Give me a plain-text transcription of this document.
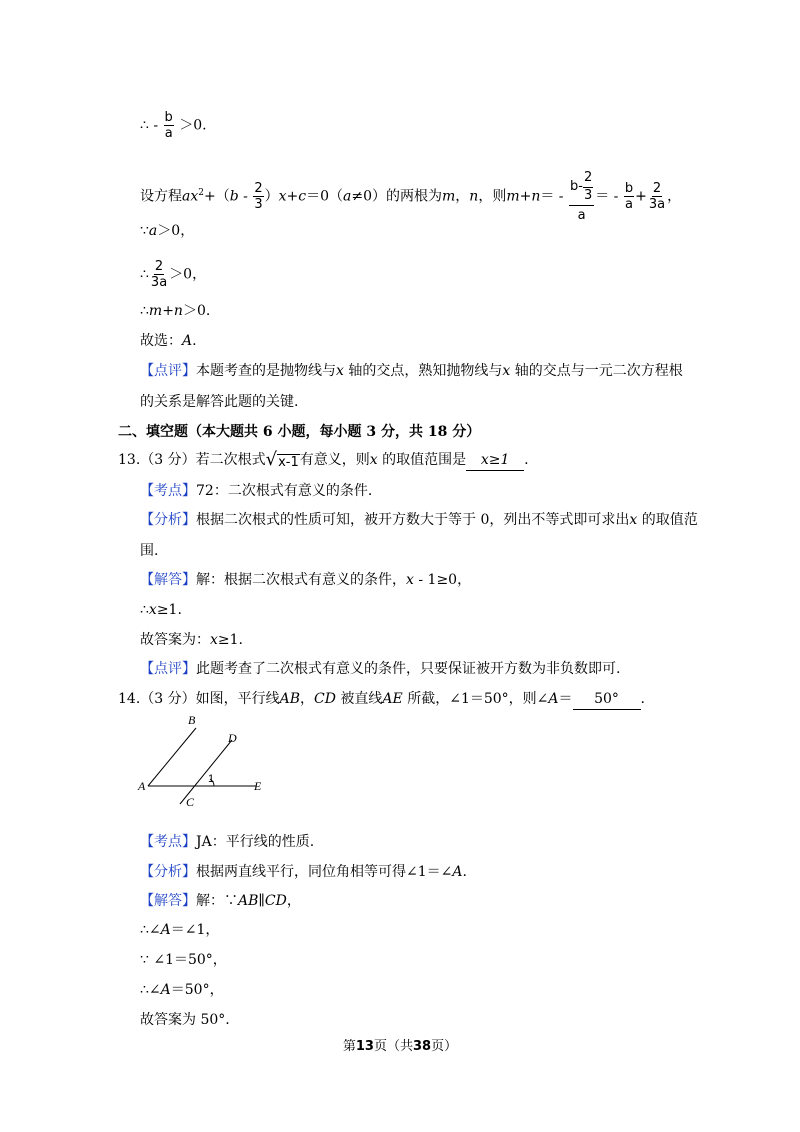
∴ - $\frac{b}{a} >0$.
设方程$ax^2+(b - \frac{2}{3} )x+c=0(a\ne 0)$的两根为m，n，则$m+n= - \frac{b- \frac{2}{3}}{a}$ ＝ - $\frac{b}{a} + \frac{2}{3a}$ ，
∵a＞0，
∴ $\frac{2}{3a} >0$，
∴m+n＞0.
故选：A.
【点评】本题考查的是抛物线与x 轴的交点，熟知抛物线与x 轴的交点与一元二次方程根
的关系是解答此题的关键.
二、填空题（本大题共 6 小题，每小题 3 分，共 18 分）
13.（3 分）若二次根式 √ x-1 有意义，则x 的取值范围是 x≥1 .
【考点】72：二次根式有意义的条件.
【分析】根据二次根式的性质可知，被开方数大于等于 0，列出不等式即可求出x 的取值范
围.
【解答】解：根据二次根式有意义的条件，x - 1≥0，
∴x≥1.
故答案为：x≥1.
【点评】此题考查了二次根式有意义的条件，只要保证被开方数为非负数即可.
14.（3 分）如图，平行线AB，CD 被直线AE 所截，∠1＝50°，则∠A＝ 50° .
A
B
C
D
E
1
【考点】JA：平行线的性质.
【分析】根据两直线平行，同位角相等可得∠1＝∠A.
【解答】解：∵AB∥CD，
∴∠A＝∠1，
∵ ∠1＝50°，
∴∠A＝50°，
故答案为 50°.
第13页（共38页）
